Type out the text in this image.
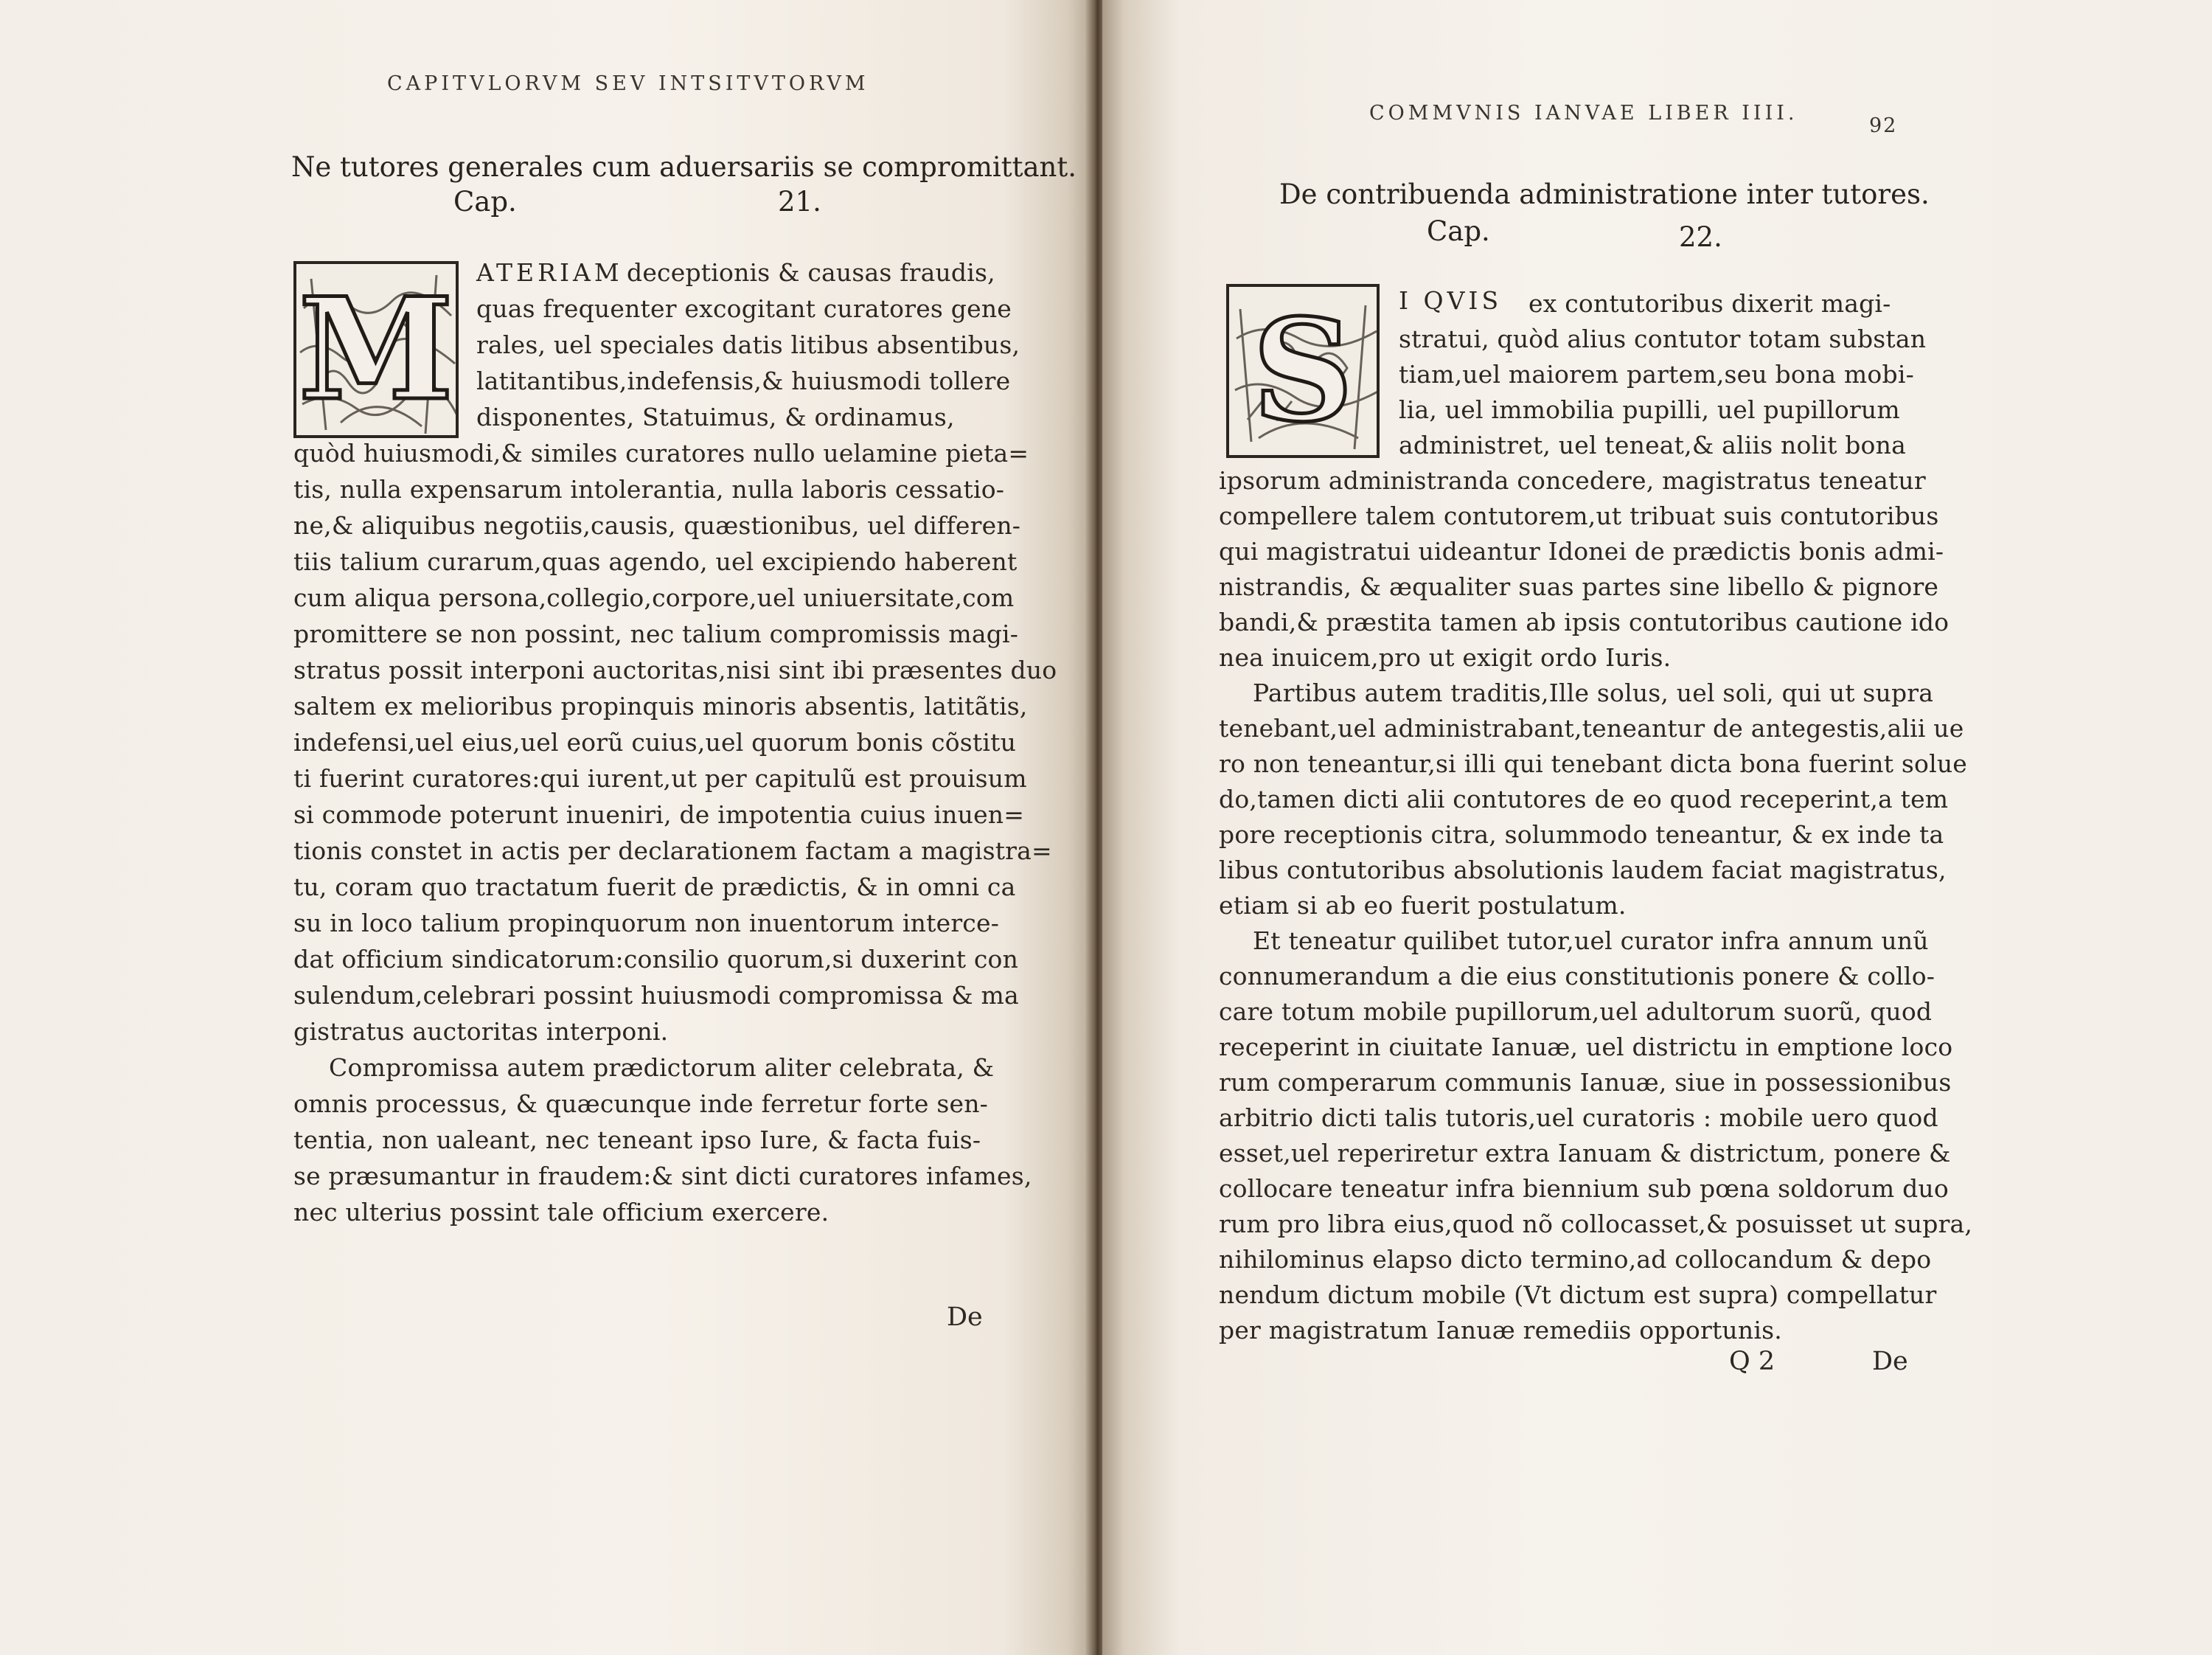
CAPITVLORVM SEV INTSITVTORVM
Ne tutores generales cum aduersariis se compromittant.
Cap.	21.
M ATERIAM deceptionis & causas fraudis,
quas frequenter excogitant curatores gene
rales, uel speciales datis litibus absentibus,
latitantibus,indefensis,& huiusmodi tollere
disponentes, Statuimus, & ordinamus,
quòd huiusmodi,& similes curatores nullo uelamine pieta=
tis, nulla expensarum intolerantia, nulla laboris cessatio-
ne,& aliquibus negotiis,causis, quæstionibus, uel differen-
tiis talium curarum,quas agendo, uel excipiendo haberent
cum aliqua persona,collegio,corpore,uel uniuersitate,com
promittere se non possint, nec talium compromissis magi-
stratus possit interponi auctoritas,nisi sint ibi præsentes duo
saltem ex melioribus propinquis minoris absentis, latitãtis,
indefensi,uel eius,uel eorũ cuius,uel quorum bonis cõstitu
ti fuerint curatores:qui iurent,ut per capitulũ est prouisum
si commode poterunt inueniri, de impotentia cuius inuen=
tionis constet in actis per declarationem factam a magistra=
tu, coram quo tractatum fuerit de prædictis, & in omni ca
su in loco talium propinquorum non inuentorum interce-
dat officium sindicatorum:consilio quorum,si duxerint con
sulendum,celebrari possint huiusmodi compromissa & ma
gistratus auctoritas interponi.
Compromissa autem prædictorum aliter celebrata, &
omnis processus, & quæcunque inde ferretur forte sen-
tentia, non ualeant, nec teneant ipso Iure, & facta fuis-
se præsumantur in fraudem:& sint dicti curatores infames,
nec ulterius possint tale officium exercere.
De
COMMVNIS IANVAE LIBER IIII.
92
De contribuenda administratione inter tutores.
Cap.	22.
S	I QVIS ex contutoribus dixerit magi-
stratui, quòd alius contutor totam substan
tiam,uel maiorem partem,seu bona mobi-
lia, uel immobilia pupilli, uel pupillorum
administret, uel teneat,& aliis nolit bona
ipsorum administranda concedere, magistratus teneatur
compellere talem contutorem,ut tribuat suis contutoribus
qui magistratui uideantur Idonei de prædictis bonis admi-
nistrandis, & æqualiter suas partes sine libello & pignore
bandi,& præstita tamen ab ipsis contutoribus cautione ido
nea inuicem,pro ut exigit ordo Iuris.
Partibus autem traditis,Ille solus, uel soli, qui ut supra
tenebant,uel administrabant,teneantur de antegestis,alii ue
ro non teneantur,si illi qui tenebant dicta bona fuerint solue
do,tamen dicti alii contutores de eo quod receperint,a tem
pore receptionis citra, solummodo teneantur, & ex inde ta
libus contutoribus absolutionis laudem faciat magistratus,
etiam si ab eo fuerit postulatum.
Et teneatur quilibet tutor,uel curator infra annum unũ
connumerandum a die eius constitutionis ponere & collo-
care totum mobile pupillorum,uel adultorum suorũ, quod
receperint in ciuitate Ianuæ, uel districtu in emptione loco
rum comperarum communis Ianuæ, siue in possessionibus
arbitrio dicti talis tutoris,uel curatoris : mobile uero quod
esset,uel reperiretur extra Ianuam & districtum, ponere &
collocare teneatur infra biennium sub pœna soldorum duo
rum pro libra eius,quod nõ collocasset,& posuisset ut supra,
nihilominus elapso dicto termino,ad collocandum & depo
nendum dictum mobile (Vt dictum est supra) compellatur
per magistratum Ianuæ remediis opportunis.
Q 2	De
